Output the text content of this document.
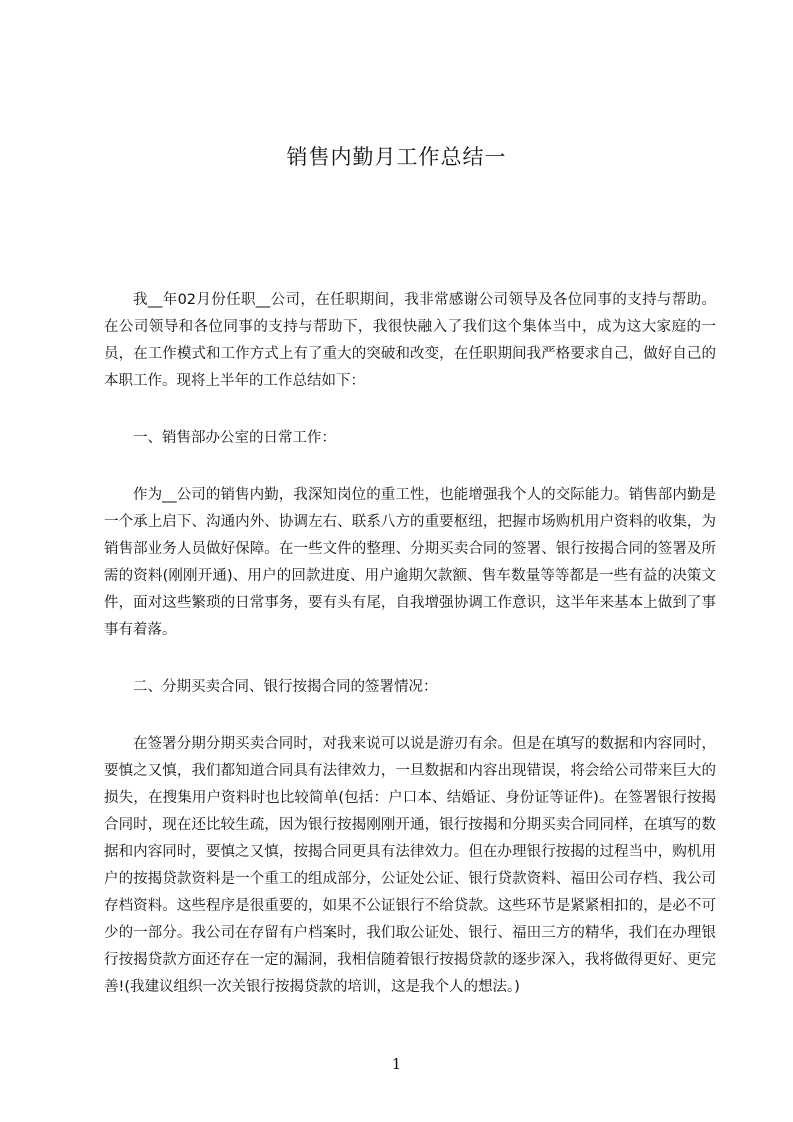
销售内勤月工作总结一

我__年02月份任职__公司，在任职期间，我非常感谢公司领导及各位同事的支持与帮助。在公司领导和各位同事的支持与帮助下，我很快融入了我们这个集体当中，成为这大家庭的一员，在工作模式和工作方式上有了重大的突破和改变，在任职期间我严格要求自己，做好自己的本职工作。现将上半年的工作总结如下：

一、销售部办公室的日常工作：

作为__公司的销售内勤，我深知岗位的重工性，也能增强我个人的交际能力。销售部内勤是一个承上启下、沟通内外、协调左右、联系八方的重要枢纽，把握市场购机用户资料的收集，为销售部业务人员做好保障。在一些文件的整理、分期买卖合同的签署、银行按揭合同的签署及所需的资料(刚刚开通)、用户的回款进度、用户逾期欠款额、售车数量等等都是一些有益的决策文件，面对这些繁琐的日常事务，要有头有尾，自我增强协调工作意识，这半年来基本上做到了事事有着落。

二、分期买卖合同、银行按揭合同的签署情况：

在签署分期分期买卖合同时，对我来说可以说是游刃有余。但是在填写的数据和内容同时，要慎之又慎，我们都知道合同具有法律效力，一旦数据和内容出现错误，将会给公司带来巨大的损失，在搜集用户资料时也比较简单(包括：户口本、结婚证、身份证等证件)。在签署银行按揭合同时，现在还比较生疏，因为银行按揭刚刚开通，银行按揭和分期买卖合同同样，在填写的数据和内容同时，要慎之又慎，按揭合同更具有法律效力。但在办理银行按揭的过程当中，购机用户的按揭贷款资料是一个重工的组成部分，公证处公证、银行贷款资料、福田公司存档、我公司存档资料。这些程序是很重要的，如果不公证银行不给贷款。这些环节是紧紧相扣的，是必不可少的一部分。我公司在存留有户档案时，我们取公证处、银行、福田三方的精华，我们在办理银行按揭贷款方面还存在一定的漏洞，我相信随着银行按揭贷款的逐步深入，我将做得更好、更完善!(我建议组织一次关银行按揭贷款的培训，这是我个人的想法。)

1
